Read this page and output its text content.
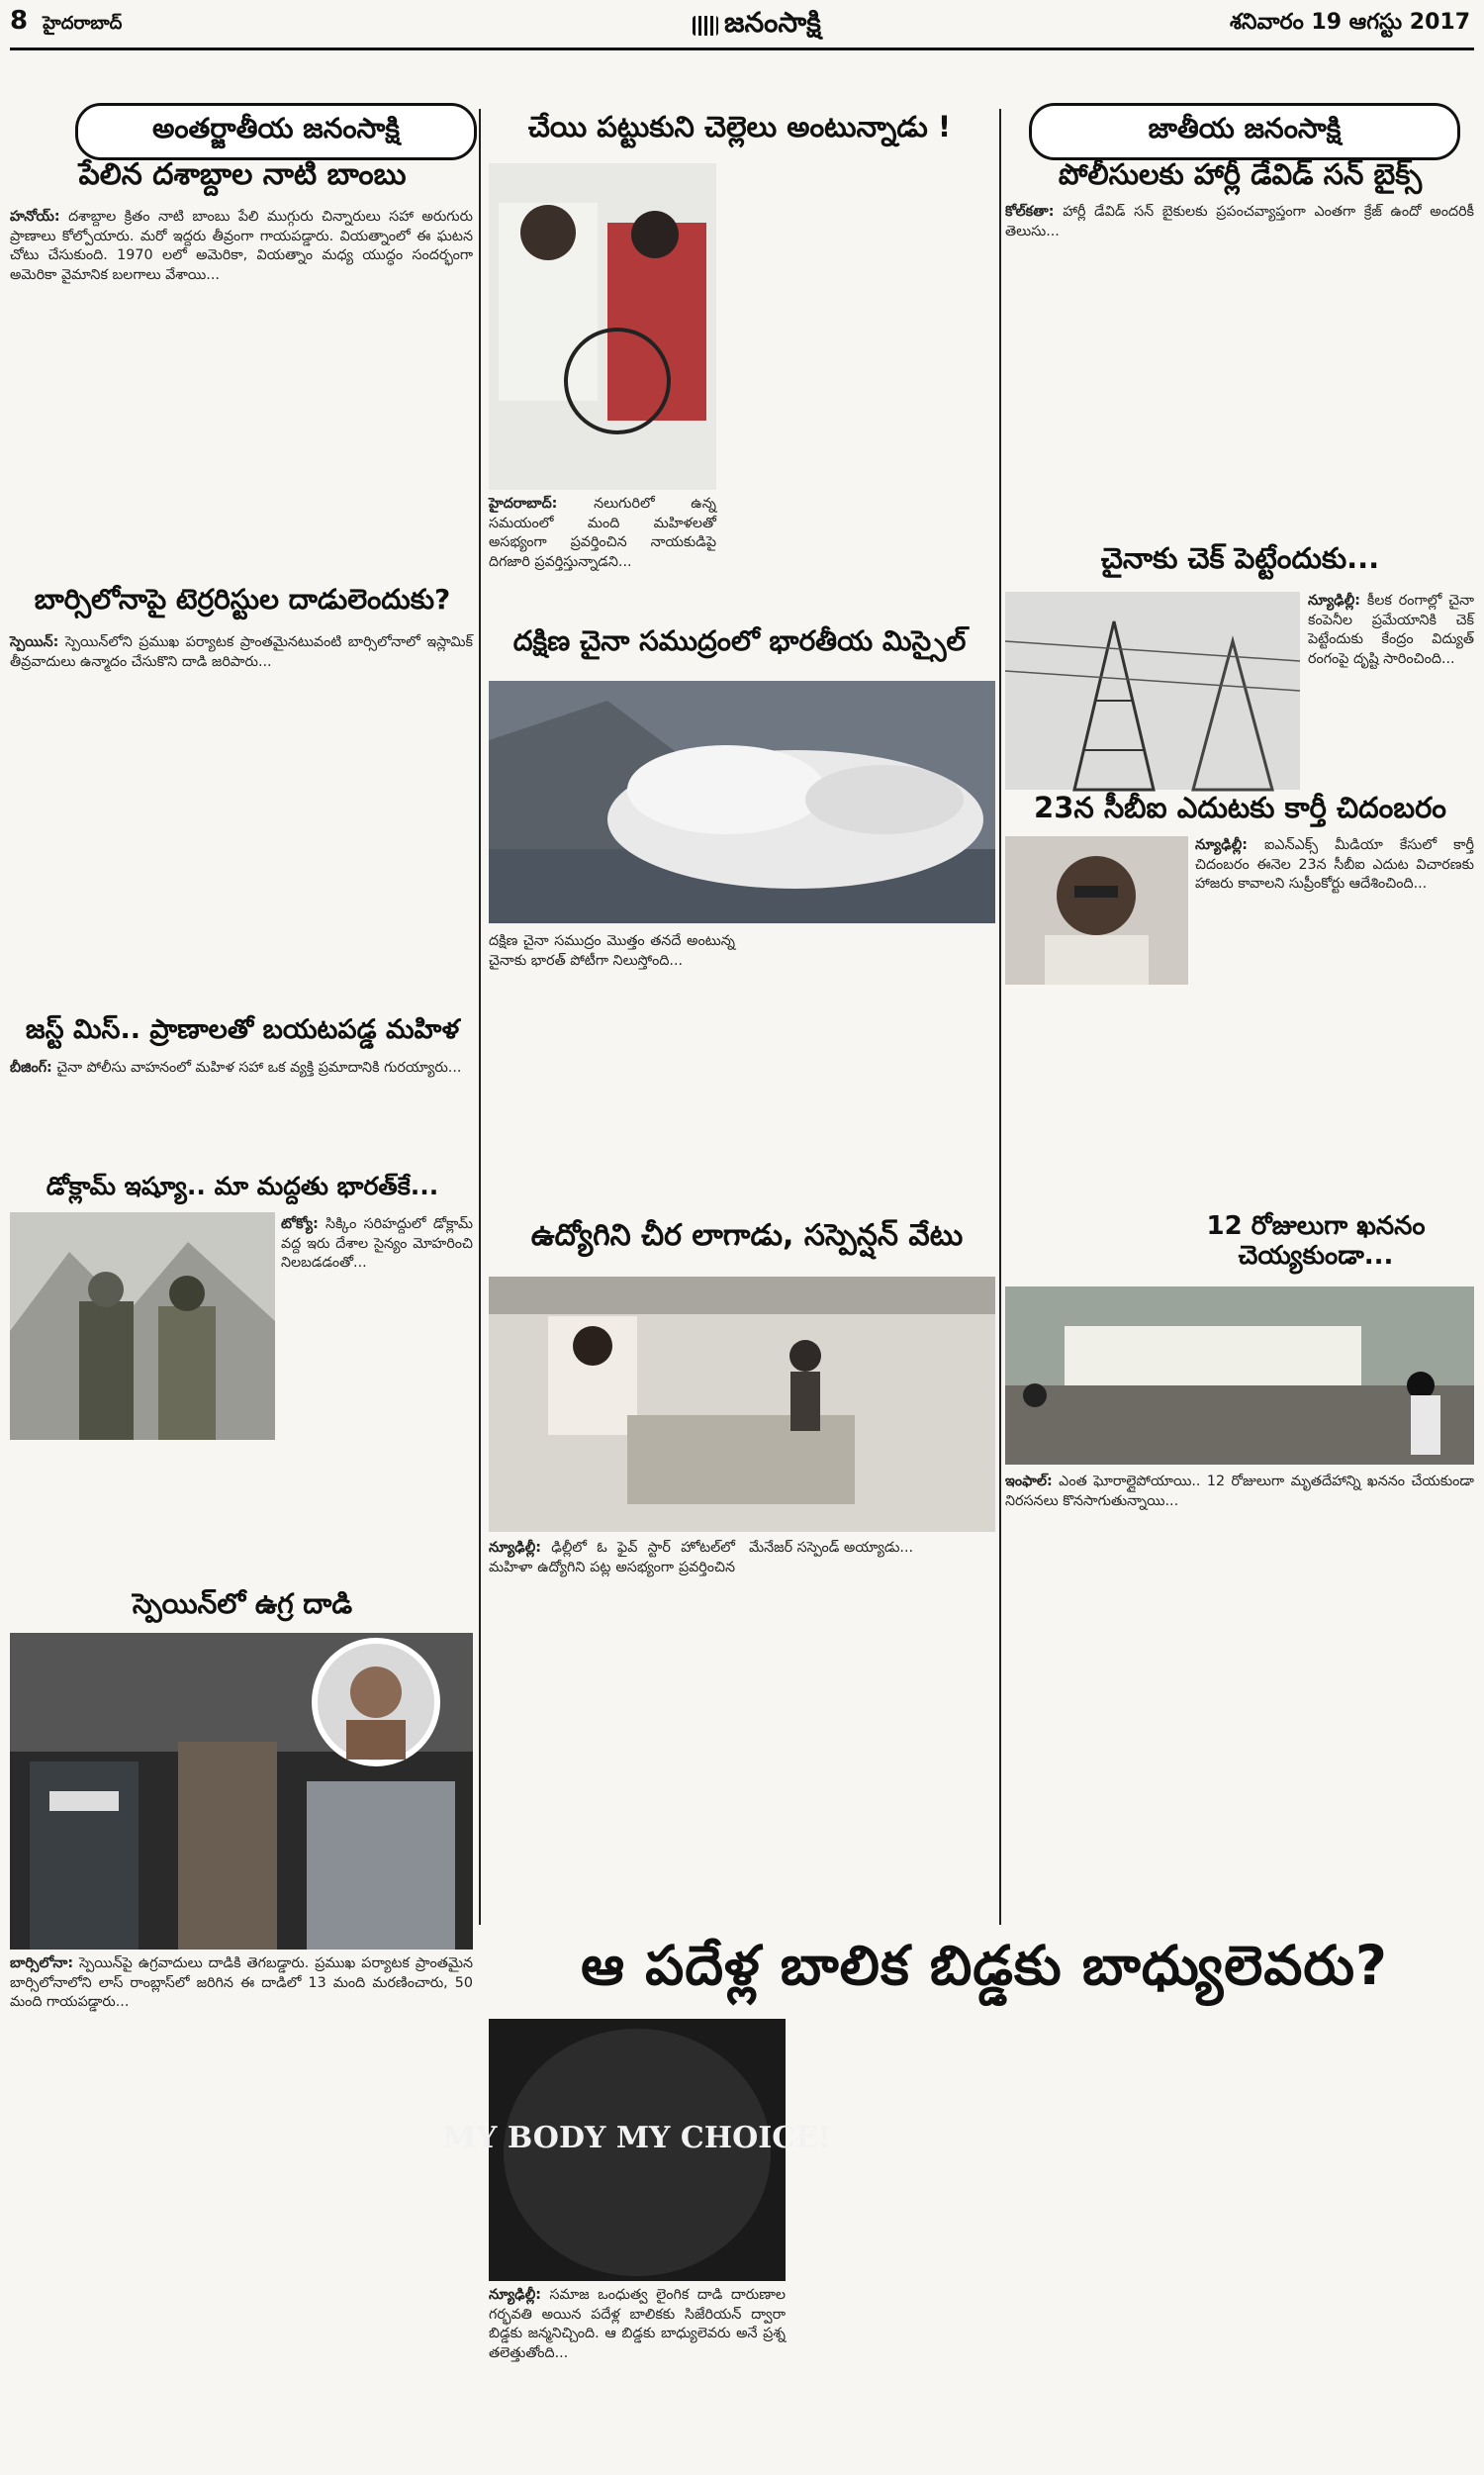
8 హైదరాబాద్	జనంసాక్షి	శనివారం 19 ఆగస్టు 2017
అంతర్జాతీయ జనంసాక్షి
పేలిన దశాబ్దాల నాటి బాంబు
హనోయ్: దశాబ్దాల క్రితం నాటి బాంబు పేలి ముగ్గురు చిన్నారులు సహా అరుగురు ప్రాణాలు కోల్పోయారు. మరో ఇద్దరు తీవ్రంగా గాయపడ్డారు. వియత్నాంలో ఈ ఘటన చోటు చేసుకుంది. 1970 లలో అమెరికా, వియత్నాం మధ్య యుద్ధం సందర్భంగా అమెరికా వైమానిక బలగాలు వేశాయి...
బార్సిలోనాపై టెర్రరిస్టుల దాడులెందుకు?
స్పెయిన్: స్పెయిన్‌లోని ప్రముఖ పర్యాటక ప్రాంతమైనటువంటి బార్సిలోనాలో ఇస్లామిక్ తీవ్రవాదులు ఉన్మాదం చేసుకొని దాడి జరిపారు...
జస్ట్ మిస్.. ప్రాణాలతో బయటపడ్డ మహిళ
బీజింగ్: చైనా పోలీసు వాహనంలో మహిళ సహా ఒక వ్యక్తి ప్రమాదానికి గురయ్యారు...
డోక్లామ్ ఇష్యూ.. మా మద్దతు భారత్‌కే...
టోక్యో: సిక్కిం సరిహద్దులో డోక్లామ్ వద్ద ఇరు దేశాల సైన్యం మోహరించి నిలబడడంతో...
స్పెయిన్‌లో ఉగ్ర దాడి
బార్సిలోనా: స్పెయిన్‌పై ఉగ్రవాదులు దాడికి తెగబడ్డారు. ప్రముఖ పర్యాటక ప్రాంతమైన బార్సిలోనాలోని లాస్ రాంబ్లాస్‌లో జరిగిన ఈ దాడిలో 13 మంది మరణించారు, 50 మంది గాయపడ్డారు...
చేయి పట్టుకుని చెల్లెలు అంటున్నాడు !
హైదరాబాద్:	నలుగురిలో ఉన్న సమయంలో మంది మహిళలతో అసభ్యంగా ప్రవర్తించిన నాయకుడిపై దిగజారి ప్రవర్తిస్తున్నాడని...
దక్షిణ చైనా సముద్రంలో భారతీయ మిస్సైల్
దక్షిణ చైనా సముద్రం మొత్తం తనదే అంటున్న చైనాకు భారత్ పోటీగా నిలుస్తోంది...
ఉద్యోగిని చీర లాగాడు, సస్పెన్షన్ వేటు
న్యూఢిల్లీ: ఢిల్లీలో ఓ ఫైవ్ స్టార్ హోటల్‌లో మహిళా ఉద్యోగిని పట్ల అసభ్యంగా ప్రవర్తించిన మేనేజర్ సస్పెండ్ అయ్యాడు...
జాతీయ జనంసాక్షి
పోలీసులకు హార్లీ డేవిడ్ సన్ బైక్స్
కోల్‌కతా: హార్లీ డేవిడ్ సన్ బైకులకు ప్రపంచవ్యాప్తంగా ఎంతగా క్రేజ్ ఉందో అందరికీ తెలుసు...
చైనాకు చెక్ పెట్టేందుకు...
న్యూఢిల్లీ: కీలక రంగాల్లో చైనా కంపెనీల ప్రమేయానికి చెక్ పెట్టేందుకు కేంద్రం విద్యుత్ రంగంపై దృష్టి సారించింది...
23న సీబీఐ ఎదుటకు కార్తీ చిదంబరం
న్యూఢిల్లీ: ఐఎన్ఎక్స్ మీడియా కేసులో కార్తీ చిదంబరం ఈనెల 23న సీబీఐ ఎదుట విచారణకు హాజరు కావాలని సుప్రీంకోర్టు ఆదేశించింది...
12 రోజులుగా ఖననం చెయ్యకుండా...
ఇంఫాల్: ఎంత ఘోరాల్లైపోయాయి.. 12 రోజులుగా మృతదేహాన్ని ఖననం చేయకుండా నిరసనలు కొనసాగుతున్నాయి...
ఆ పదేళ్ల బాలిక బిడ్డకు బాధ్యులెవరు?
MY BODY MY CHOICE!
న్యూఢిల్లీ: సమాజ ఒంధుత్వ లైంగిక దాడి దారుణాల గర్భవతి అయిన పదేళ్ల బాలికకు సిజేరియన్ ద్వారా బిడ్డకు జన్మనిచ్చింది. ఆ బిడ్డకు బాధ్యులెవరు అనే ప్రశ్న తలెత్తుతోంది...
